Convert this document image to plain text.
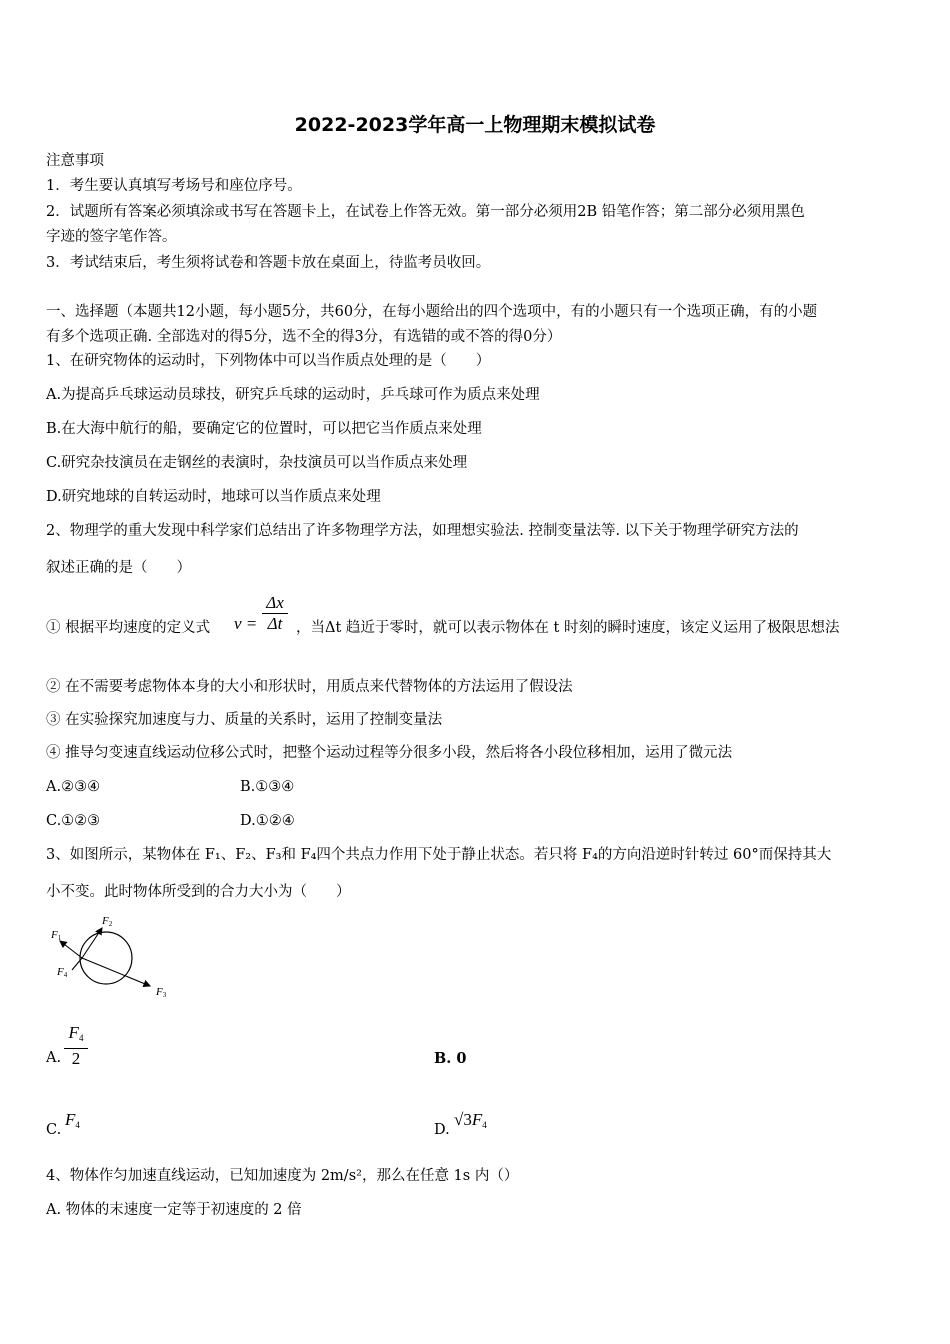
2022-2023学年高一上物理期末模拟试卷
注意事项
1．考生要认真填写考场号和座位序号。
2．试题所有答案必须填涂或书写在答题卡上，在试卷上作答无效。第一部分必须用2B 铅笔作答；第二部分必须用黑色
字迹的签字笔作答。
3．考试结束后，考生须将试卷和答题卡放在桌面上，待监考员收回。
一、选择题（本题共12小题，每小题5分，共60分，在每小题给出的四个选项中，有的小题只有一个选项正确，有的小题
有多个选项正确. 全部选对的得5分，选不全的得3分，有选错的或不答的得0分）
1、在研究物体的运动时，下列物体中可以当作质点处理的是（　　）
A.为提高乒乓球运动员球技，研究乒乓球的运动时，乒乓球可作为质点来处理
B.在大海中航行的船，要确定它的位置时，可以把它当作质点来处理
C.研究杂技演员在走钢丝的表演时，杂技演员可以当作质点来处理
D.研究地球的自转运动时，地球可以当作质点来处理
2、物理学的重大发现中科学家们总结出了许多物理学方法，如理想实验法. 控制变量法等. 以下关于物理学研究方法的
叙述正确的是（　　）
① 根据平均速度的定义式 v =
Δx
Δt ，当Δt 趋近于零时，就可以表示物体在 t 时刻的瞬时速度，该定义运用了极限思想法
② 在不需要考虑物体本身的大小和形状时，用质点来代替物体的方法运用了假设法
③ 在实验探究加速度与力、质量的关系时，运用了控制变量法
④ 推导匀变速直线运动位移公式时，把整个运动过程等分很多小段，然后将各小段位移相加，运用了微元法
A.②③④	B.①③④
C.①②③	D.①②④
3、如图所示，某物体在 F₁、F₂、F₃和 F₄四个共点力作用下处于静止状态。若只将 F₄的方向沿逆时针转过 60°而保持其大
小不变。此时物体所受到的合力大小为（　　）
F1
F2
F3
F4
A.
$F_4$
2	B. 0
C.
$F_4$	D.
$√3F_4$
4、物体作匀加速直线运动，已知加速度为 2m/s²，那么在任意 1s 内（）
A. 物体的末速度一定等于初速度的 2 倍
